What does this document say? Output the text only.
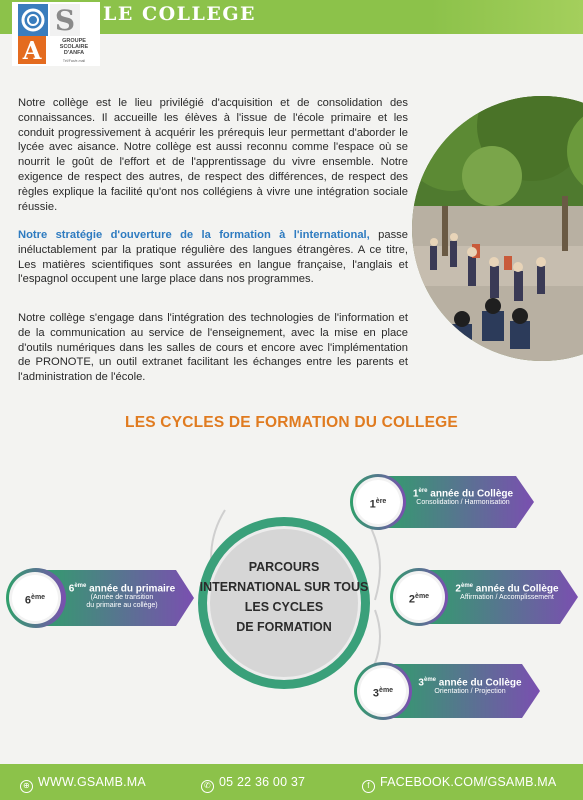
LE COLLEGE
S
A	GROUPE SCOLAIRE D'ANFA
Tél/Fax/e-mail

Notre collège est le lieu privilégié d'acquisition et de consolidation des connaissances. Il accueille les élèves à l'issue de l'école primaire et les conduit progressivement à acquérir les prérequis leur permettant d'aborder le lycée avec aisance. Notre collège est aussi reconnu comme l'espace où se nourrit le goût de l'effort et de l'apprentissage du vivre ensemble. Notre exigence de respect des autres, de respect des différences, de respect des règles explique la facilité qu'ont nos collégiens à vivre une intégration sociale réussie.

Notre stratégie d'ouverture de la formation à l'international, passe inéluctablement par la pratique régulière des langues étrangères. A ce titre, Les matières scientifiques sont assurées en langue française, l'anglais et l'espagnol occupent une large place dans nos programmes.

Notre collège s'engage dans l'intégration des technologies de l'information et de la communication au service de l'enseignement, avec la mise en place d'outils numériques dans les salles de cours et encore avec l'implémentation de PRONOTE, un outil extranet facilitant les échanges entre les parents et l'administration de l'école.

LES CYCLES DE FORMATION DU COLLEGE
PARCOURS
INTERNATIONAL SUR TOUS
LES CYCLES
DE FORMATION
6ème
6ème année du primaire
(Année de transition
du primaire au collège)
1ère
1ère année du Collège
Consolidation / Harmonisation
2ème
2ème année du Collège
Affirmation / Accomplissement
3ème
3ème année du Collège
Orientation / Projection
⊕ WWW.GSAMB.MA	✆ 05 22 36 00 37	f FACEBOOK.COM/GSAMB.MA
